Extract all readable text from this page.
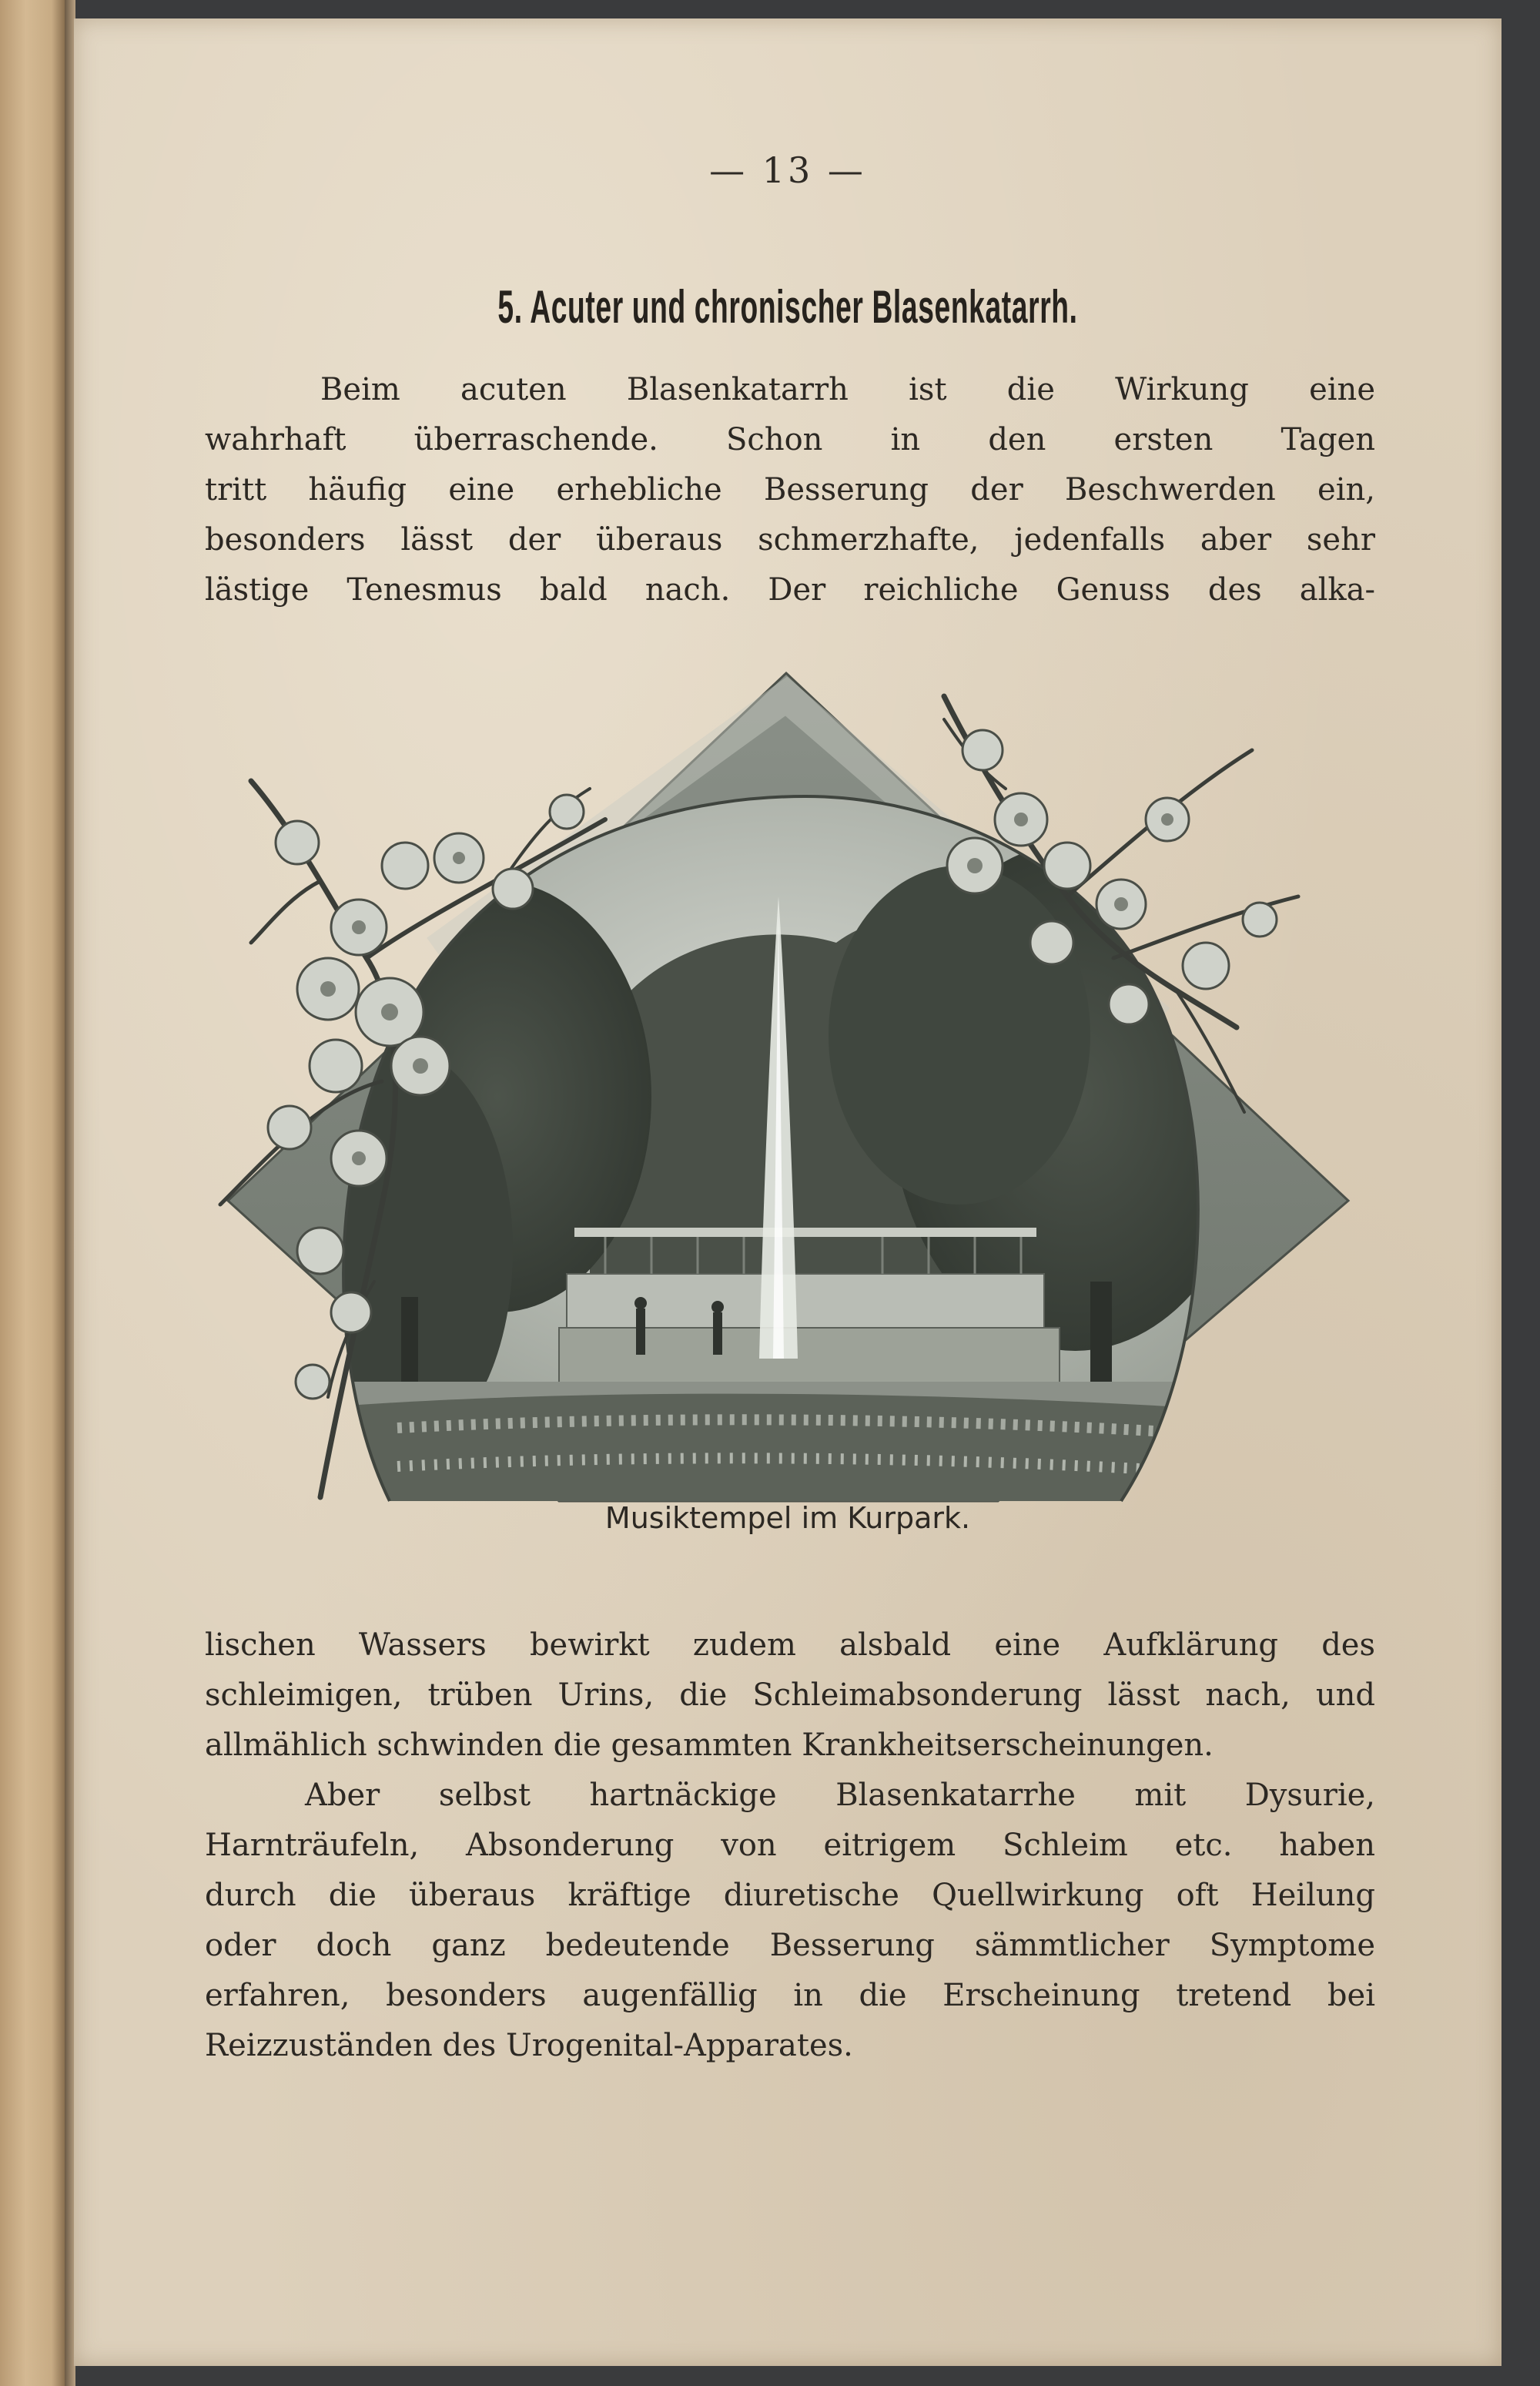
— 13 —
5. Acuter und chronischer Blasenkatarrh.
Beim acuten Blasenkatarrh ist die Wirkung eine
wahrhaft überraschende. Schon in den ersten Tagen
tritt häufig eine erhebliche Besserung der Beschwerden ein,
besonders lässt der überaus schmerzhafte, jedenfalls aber sehr
lästige Tenesmus bald nach. Der reichliche Genuss des alka-
Musiktempel im Kurpark.
lischen Wassers bewirkt zudem alsbald eine Aufklärung des
schleimigen, trüben Urins, die Schleimabsonderung lässt nach, und
allmählich schwinden die gesammten Krankheitserscheinungen.
Aber selbst hartnäckige Blasenkatarrhe mit Dysurie,
Harnträufeln, Absonderung von eitrigem Schleim etc. haben
durch die überaus kräftige diuretische Quellwirkung oft Heilung
oder doch ganz bedeutende Besserung sämmtlicher Symptome
erfahren, besonders augenfällig in die Erscheinung tretend bei
Reizzuständen des Urogenital-Apparates.
